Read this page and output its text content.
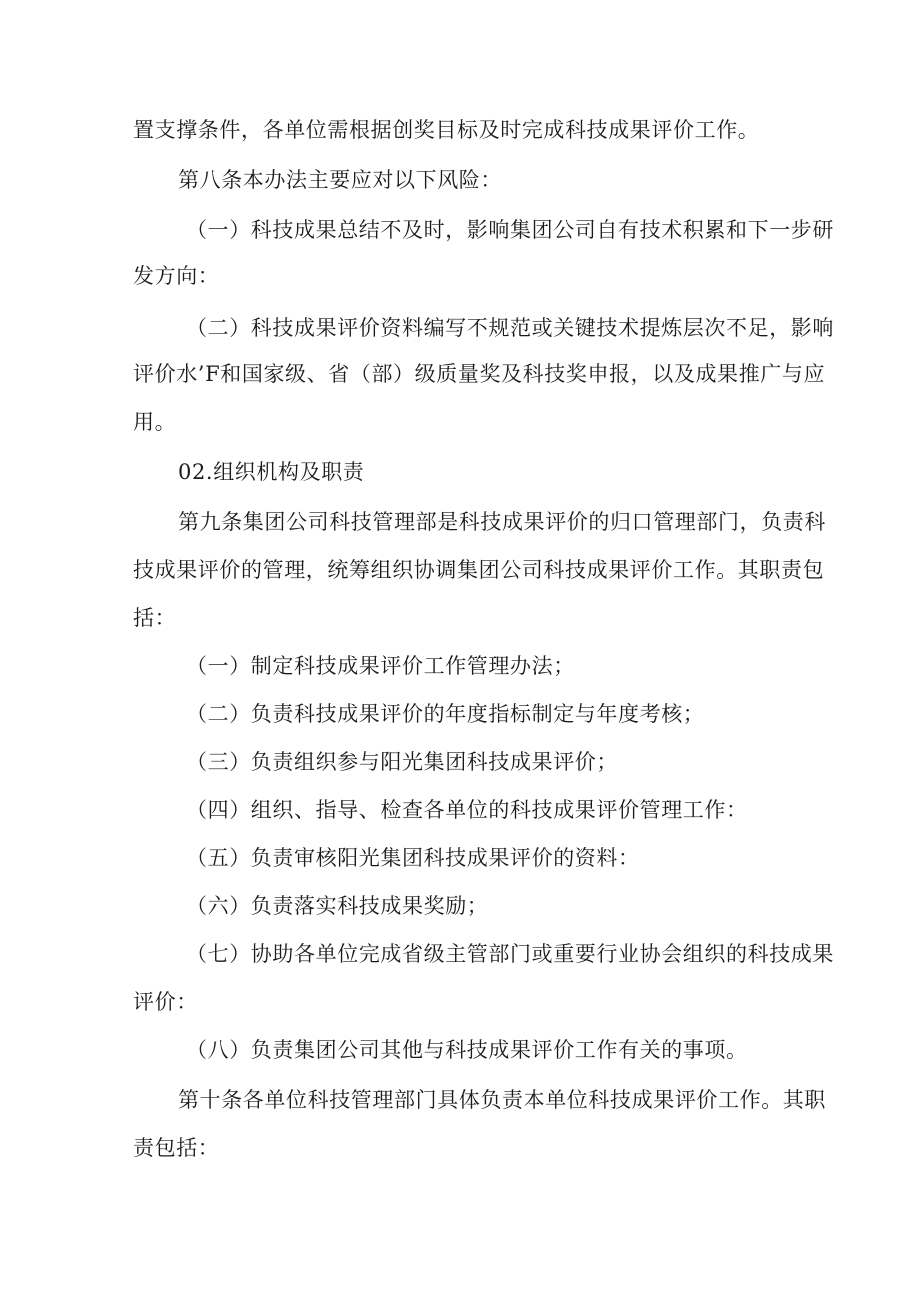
置支撑条件，各单位需根据创奖目标及时完成科技成果评价工作。
第八条本办法主要应对以下风险：
（一）科技成果总结不及时，影响集团公司自有技术积累和下一步研
发方向：
（二）科技成果评价资料编写不规范或关键技术提炼层次不足，影响
评价水’F和国家级、省（部）级质量奖及科技奖申报，以及成果推广与应
用。
02.组织机构及职责
第九条集团公司科技管理部是科技成果评价的归口管理部门，负责科
技成果评价的管理，统筹组织协调集团公司科技成果评价工作。其职责包
括：
（一）制定科技成果评价工作管理办法；
（二）负责科技成果评价的年度指标制定与年度考核；
（三）负责组织参与阳光集团科技成果评价；
（四）组织、指导、检查各单位的科技成果评价管理工作：
（五）负责审核阳光集团科技成果评价的资料：
（六）负责落实科技成果奖励；
（七）协助各单位完成省级主管部门或重要行业协会组织的科技成果
评价：
（八）负责集团公司其他与科技成果评价工作有关的事项。
第十条各单位科技管理部门具体负责本单位科技成果评价工作。其职
责包括：
